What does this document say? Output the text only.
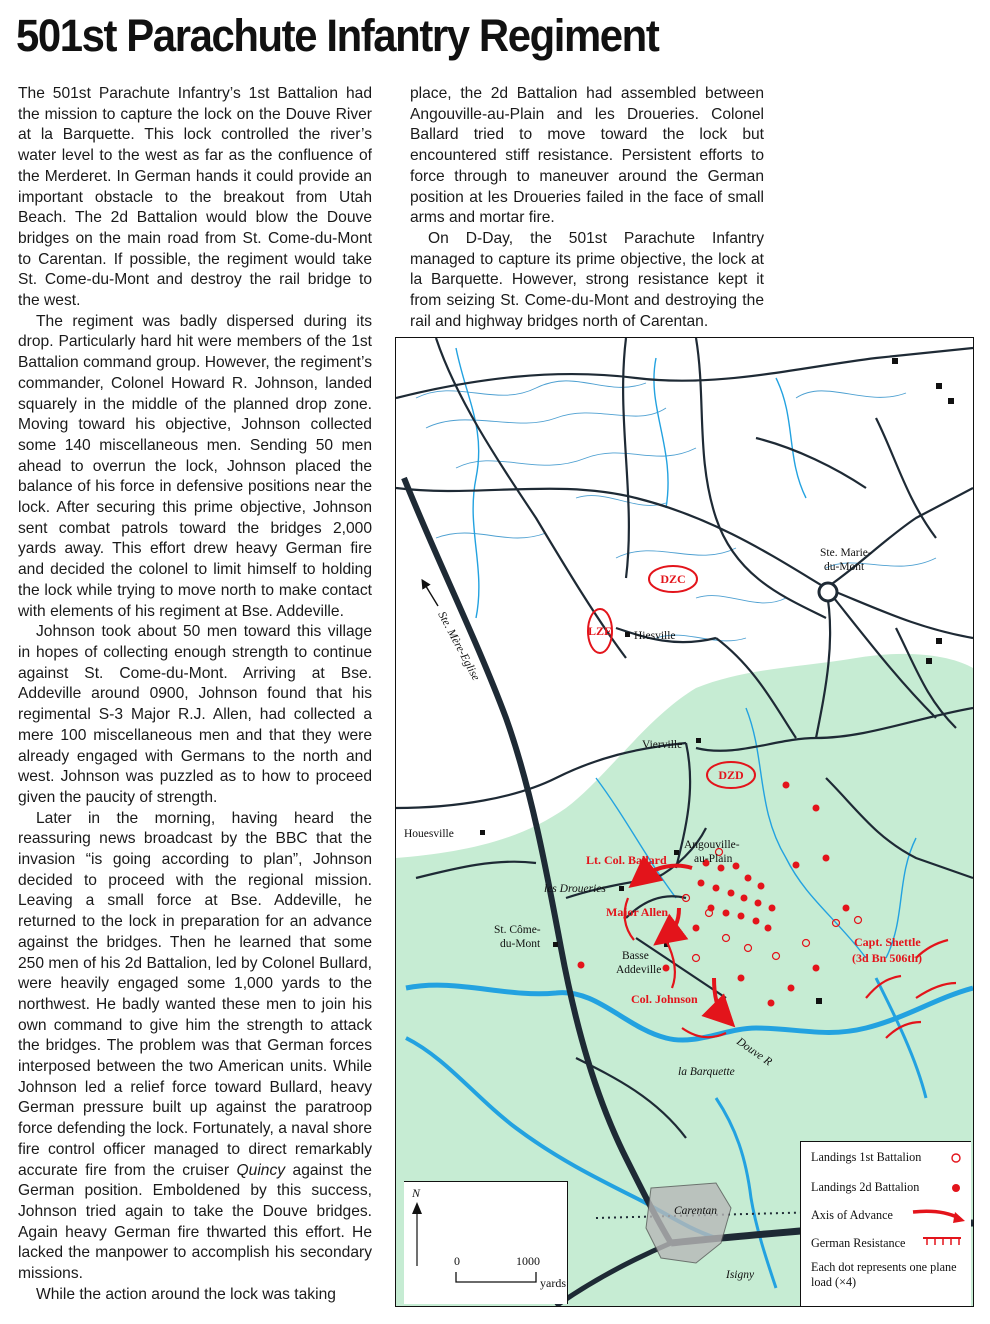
501st Parachute Infantry Regiment

The 501st Parachute Infantry’s 1st Battalion had the mission to capture the lock on the Douve River at la Barquette. This lock controlled the river’s water level to the west as far as the confluence of the Merderet. In German hands it could provide an important obstacle to the breakout from Utah Beach. The 2d Battalion would blow the Douve bridges on the main road from St. Come-du-Mont to Carentan. If possible, the regiment would take St. Come-du-Mont and destroy the rail bridge to the west.

The regiment was badly dispersed during its drop. Particularly hard hit were members of the 1st Battalion command group. However, the regiment’s commander, Colonel Howard R. Johnson, landed squarely in the middle of the planned drop zone. Moving toward his objective, Johnson collected some 140 miscellaneous men. Sending 50 men ahead to overrun the lock, Johnson placed the balance of his force in defensive positions near the lock. After securing this prime objective, Johnson sent combat patrols toward the bridges 2,000 yards away. This effort drew heavy German fire and decided the colonel to limit himself to holding the lock while trying to move north to make contact with elements of his regiment at Bse. Addeville.

Johnson took about 50 men toward this village in hopes of collecting enough strength to continue against St. Come-du-Mont. Arriving at Bse. Addeville around 0900, Johnson found that his regimental S-3 Major R.J. Allen, had collected a mere 100 miscellaneous men and that they were already engaged with Germans to the north and west. Johnson was puzzled as to how to proceed given the paucity of strength.

Later in the morning, having heard the reassuring news broadcast by the BBC that the invasion “is going according to plan”, Johnson decided to proceed with the regional mission. Leaving a small force at Bse. Addeville, he returned to the lock in preparation for an advance against the bridges. Then he learned that some 250 men of his 2d Battalion, led by Colonel Bullard, were heavily engaged some 1,000 yards to the northwest. He badly wanted these men to join his own command to give him the strength to attack the bridges. The problem was that German forces interposed between the two American units. While Johnson led a relief force toward Bullard, heavy German pressure built up against the paratroop force defending the lock. Fortunately, a naval shore fire control officer managed to direct remarkably accurate fire from the cruiser Quincy against the German position. Emboldened by this success, Johnson tried again to take the Douve bridges. Again heavy German fire thwarted this effort. He lacked the manpower to accomplish his secondary missions.

While the action around the lock was taking

place, the 2d Battalion had assembled between Angouville-au-Plain and les Droueries. Colonel Ballard tried to move toward the lock but encountered stiff resistance. Persistent efforts to force through to maneuver around the German position at les Droueries failed in the face of small arms and mortar fire.

On D-Day, the 501st Parachute Infantry managed to capture its prime objective, the lock at la Barquette. However, strong resistance kept it from seizing St. Come-du-Mont and destroying the rail and highway bridges north of Carentan.

DZC
LZE
DZD
Ste. Marie-
du-Mont
Hiesville
Vierville
Houesville
Angouville-
au-Plain
les Droueries
St. Côme-
du-Mont
Basse
Addeville
la Barquette
Douve R
Carentan
Isigny
Ste. Mère-Eglise
Lt. Col. Ballard
Major Allen
Col. Johnson
Capt. Shettle
(3d Bn 506th)
Landings 1st Battalion
Landings 2d Battalion
Axis of Advance
German Resistance
Each dot represents one plane load (×4)
N
0	1000
yards
